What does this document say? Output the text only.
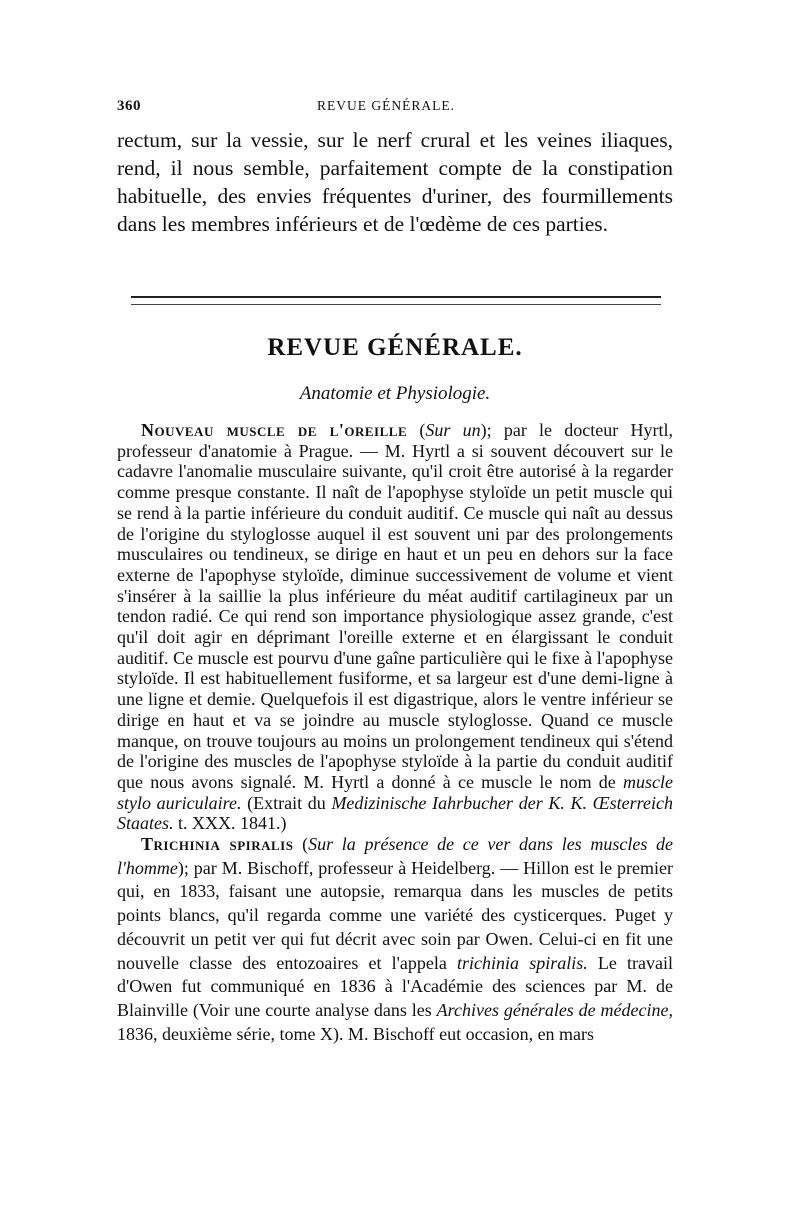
360	REVUE GÉNÉRALE.
rectum, sur la vessie, sur le nerf crural et les veines iliaques, rend, il nous semble, parfaitement compte de la constipation habituelle, des envies fréquentes d'uriner, des fourmillements dans les membres inférieurs et de l'œdème de ces parties.
REVUE GÉNÉRALE.
Anatomie et Physiologie.

Nouveau muscle de l'oreille (Sur un); par le docteur Hyrtl, professeur d'anatomie à Prague. — M. Hyrtl a si souvent découvert sur le cadavre l'anomalie musculaire suivante, qu'il croit être autorisé à la regarder comme presque constante. Il naît de l'apophyse styloïde un petit muscle qui se rend à la partie inférieure du conduit auditif. Ce muscle qui naît au dessus de l'origine du styloglosse auquel il est souvent uni par des prolongements musculaires ou tendineux, se dirige en haut et un peu en dehors sur la face externe de l'apophyse styloïde, diminue successivement de volume et vient s'insérer à la saillie la plus inférieure du méat auditif cartilagineux par un tendon radié. Ce qui rend son importance physiologique assez grande, c'est qu'il doit agir en déprimant l'oreille externe et en élargissant le conduit auditif. Ce muscle est pourvu d'une gaîne particulière qui le fixe à l'apophyse styloïde. Il est habituellement fusiforme, et sa largeur est d'une demi-ligne à une ligne et demie. Quelquefois il est digastrique, alors le ventre inférieur se dirige en haut et va se joindre au muscle styloglosse. Quand ce muscle manque, on trouve toujours au moins un prolongement tendineux qui s'étend de l'origine des muscles de l'apophyse styloïde à la partie du conduit auditif que nous avons signalé. M. Hyrtl a donné à ce muscle le nom de muscle stylo auriculaire. (Extrait du Medizinische Iahrbucher der K. K. Œsterreich Staates. t. XXX. 1841.)

Trichinia spiralis (Sur la présence de ce ver dans les muscles de l'homme); par M. Bischoff, professeur à Heidelberg. — Hillon est le premier qui, en 1833, faisant une autopsie, remarqua dans les muscles de petits points blancs, qu'il regarda comme une variété des cysticerques. Puget y découvrit un petit ver qui fut décrit avec soin par Owen. Celui-ci en fit une nouvelle classe des entozoaires et l'appela trichinia spiralis. Le travail d'Owen fut communiqué en 1836 à l'Académie des sciences par M. de Blainville (Voir une courte analyse dans les Archives générales de médecine, 1836, deuxième série, tome X). M. Bischoff eut occasion, en mars
